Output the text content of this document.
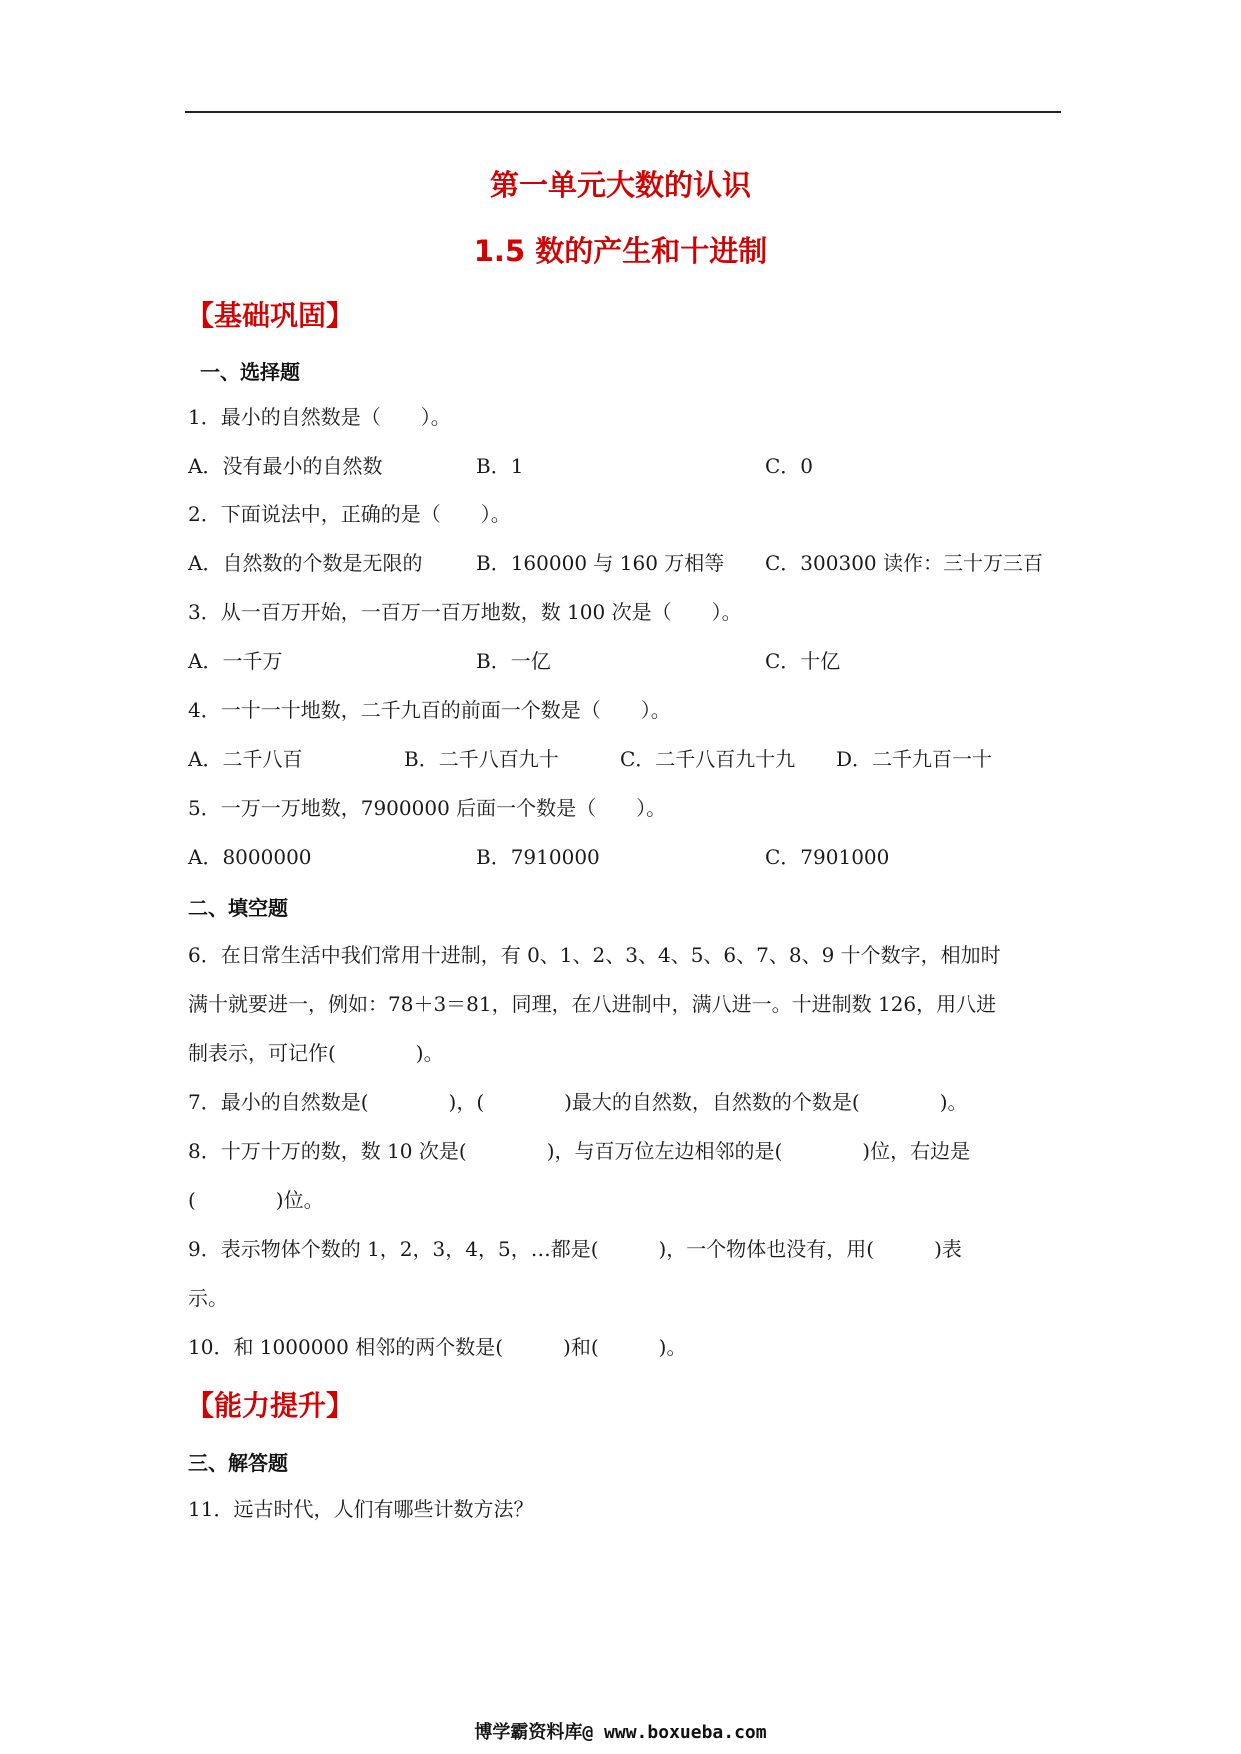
第一单元大数的认识
1.5 数的产生和十进制
【基础巩固】
一、选择题
1．最小的自然数是（　　）。
A．没有最小的自然数	B．1	C．0
2．下面说法中，正确的是（　　）。
A．自然数的个数是无限的	B．160000 与 160 万相等 C．300300 读作：三十万三百
3．从一百万开始，一百万一百万地数，数 100 次是（　　）。
A．一千万	B．一亿	C．十亿
4．一十一十地数，二千九百的前面一个数是（　　）。
A．二千八百	B．二千八百九十	C．二千八百九十九 D．二千九百一十
5．一万一万地数，7900000 后面一个数是（　　）。
A．8000000	B．7910000	C．7901000
二、填空题
6．在日常生活中我们常用十进制，有 0、1、2、3、4、5、6、7、8、9 十个数字，相加时
满十就要进一，例如：78＋3＝81，同理，在八进制中，满八进一。十进制数 126，用八进
制表示，可记作(　　　　)。
7．最小的自然数是(　　　　)，(　　　　)最大的自然数，自然数的个数是(　　　　)。
8．十万十万的数，数 10 次是(　　　　)，与百万位左边相邻的是(　　　　)位，右边是
(　　　　)位。
9．表示物体个数的 1，2，3，4，5，…都是(　　　)，一个物体也没有，用(　　　)表
示。
10．和 1000000 相邻的两个数是(　　　)和(　　　)。
【能力提升】
三、解答题
11．远古时代，人们有哪些计数方法？
博学霸资料库@ www.boxueba.com
